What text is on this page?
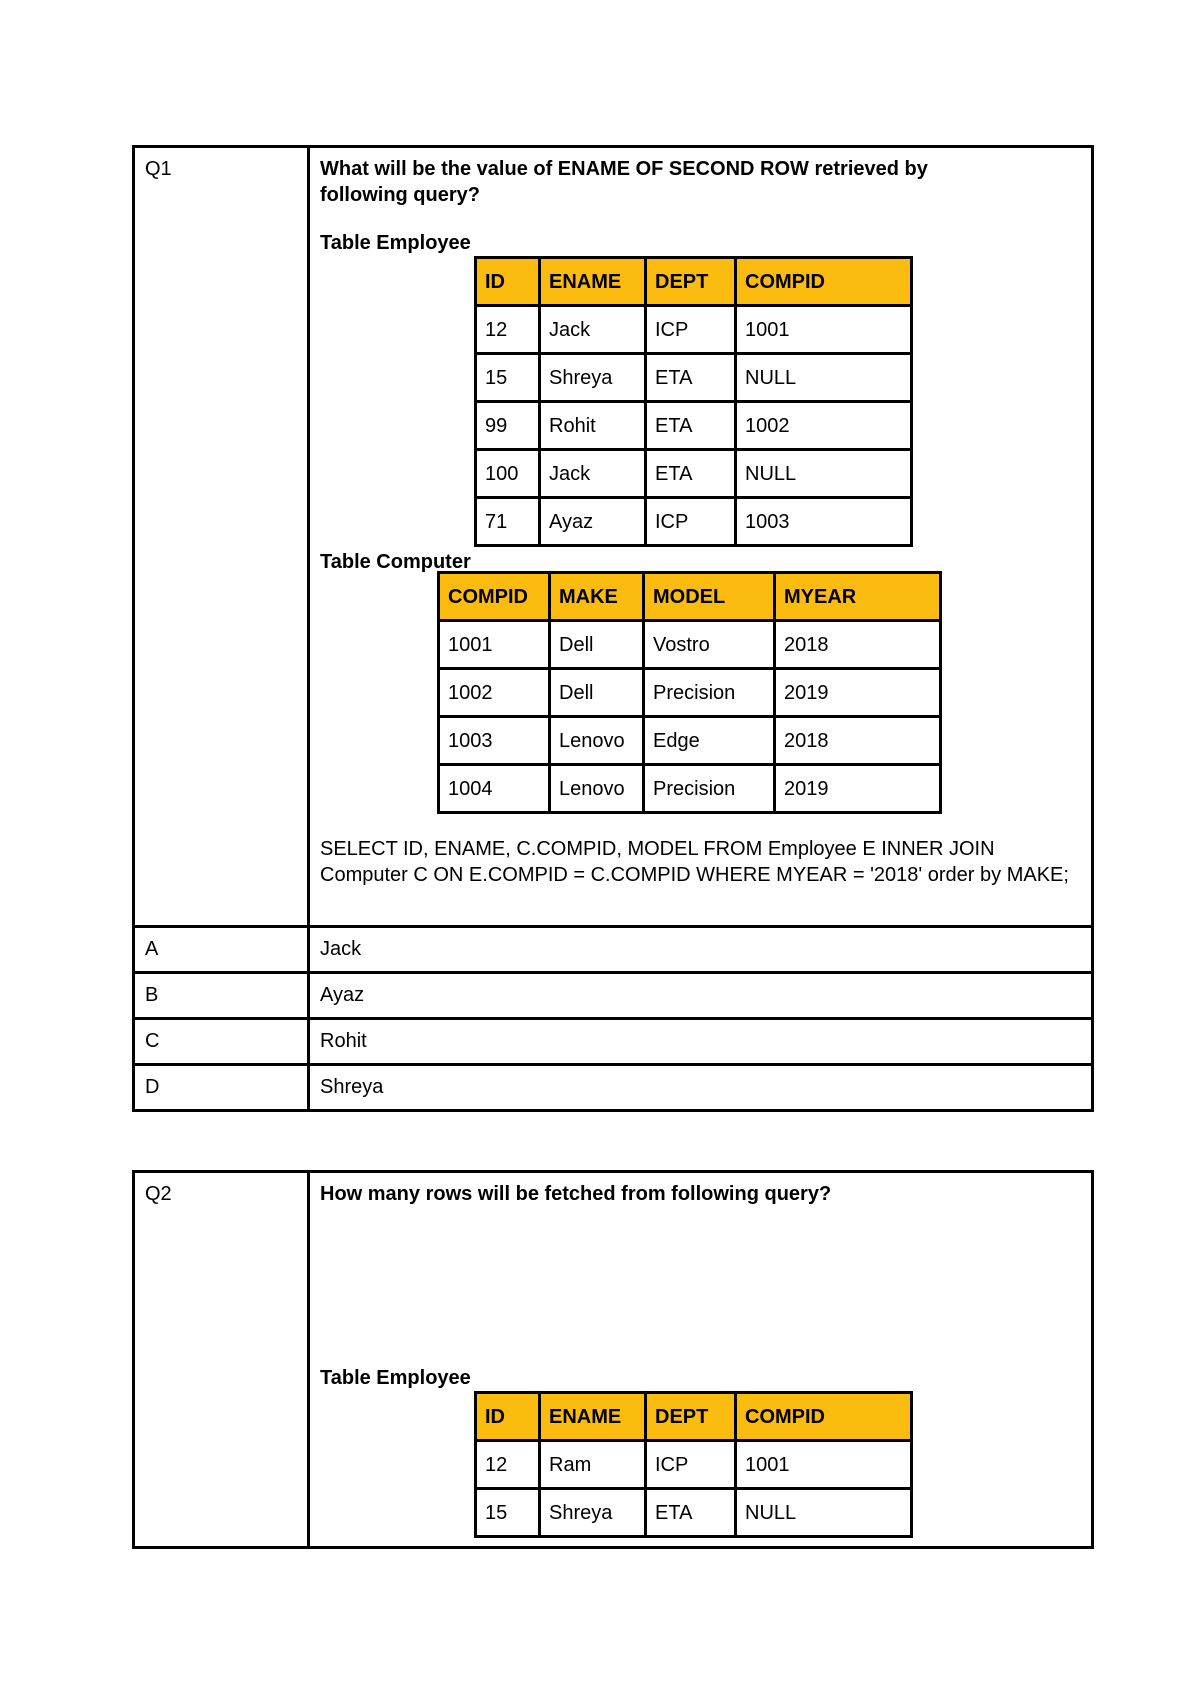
Q1	What will be the value of ENAME OF SECOND ROW retrieved by following query?
Table Employee
ID	ENAME	DEPT	COMPID
12	Jack	ICP	1001
15	Shreya	ETA	NULL
99	Rohit	ETA	1002
100	Jack	ETA	NULL
71	Ayaz	ICP	1003
Table Computer
COMPID	MAKE	MODEL	MYEAR
1001	Dell	Vostro	2018
1002	Dell	Precision	2019
1003	Lenovo	Edge	2018
1004	Lenovo	Precision	2019
SELECT ID, ENAME, C.COMPID, MODEL FROM Employee E INNER JOIN Computer C ON E.COMPID = C.COMPID WHERE MYEAR = '2018' order by MAKE;

A	Jack
B	Ayaz
C	Rohit
D	Shreya
Q2	How many rows will be fetched from following query?
Table Employee
ID	ENAME	DEPT	COMPID
12	Ram	ICP	1001
15	Shreya	ETA	NULL
